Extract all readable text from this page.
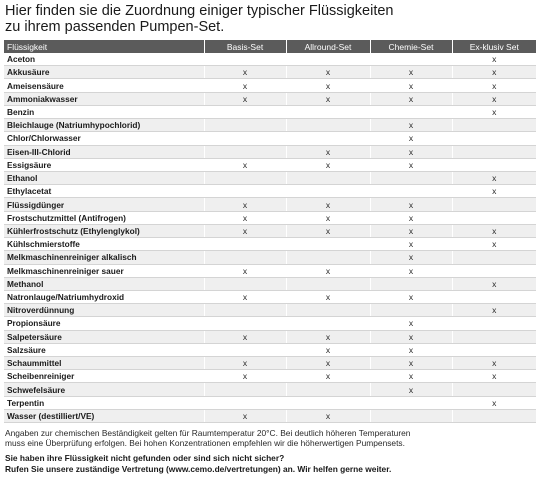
Hier finden sie die Zuordnung einiger typischer Flüssigkeiten
zu ihrem passenden Pumpen-Set.
Flüssigkeit	Basis-Set	Allround-Set	Chemie-Set	Ex-klusiv Set
Aceton				x
Akkusäure	x	x	x	x
Ameisensäure	x	x	x	x
Ammoniakwasser	x	x	x	x
Benzin				x
Bleichlauge (Natriumhypochlorid)			x	
Chlor/Chlorwasser			x	
Eisen-III-Chlorid		x	x	
Essigsäure	x	x	x	
Ethanol				x
Ethylacetat				x
Flüssigdünger	x	x	x	
Frostschutzmittel (Antifrogen)	x	x	x	
Kühlerfrostschutz (Ethylenglykol)	x	x	x	x
Kühlschmierstoffe			x	x
Melkmaschinenreiniger alkalisch			x	
Melkmaschinenreiniger sauer	x	x	x	
Methanol				x
Natronlauge/Natriumhydroxid	x	x	x	
Nitroverdünnung				x
Propionsäure			x	
Salpetersäure	x	x	x	
Salzsäure		x	x	
Schaummittel	x	x	x	x
Scheibenreiniger	x	x	x	x
Schwefelsäure			x	
Terpentin				x
Wasser (destilliert/VE)	x	x		
Angaben zur chemischen Beständigkeit gelten für Raumtemperatur 20°C. Bei deutlich höheren Temperaturen
muss eine Überprüfung erfolgen. Bei hohen Konzentrationen empfehlen wir die höherwertigen Pumpensets.
Sie haben ihre Flüssigkeit nicht gefunden oder sind sich nicht sicher?
Rufen Sie unsere zuständige Vertretung (www.cemo.de/vertretungen) an. Wir helfen gerne weiter.
